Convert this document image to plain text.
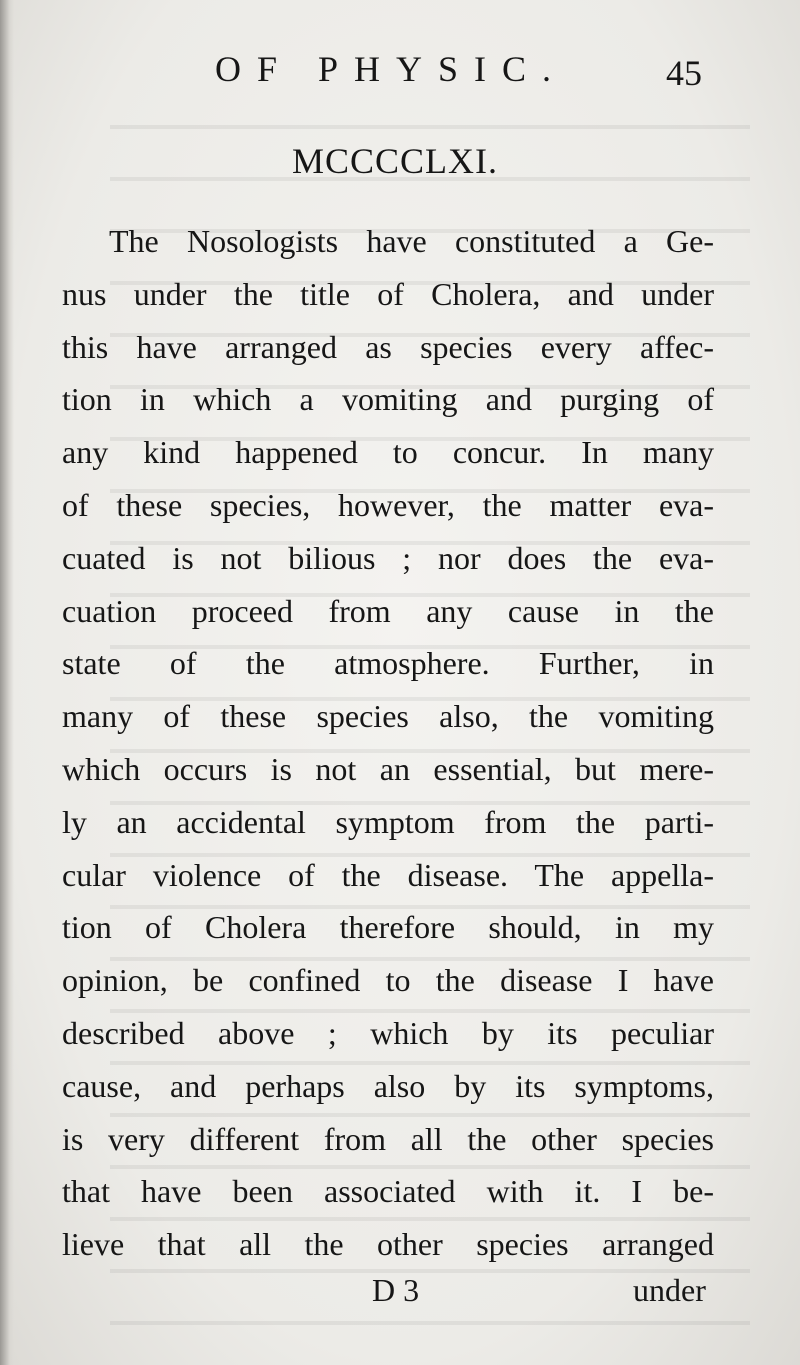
OF PHYSIC.	45
MCCCCLXI.
The Nosologists have constituted a Ge-
nus under the title of Cholera, and under
this have arranged as species every affec-
tion in which a vomiting and purging of
any kind happened to concur. In many
of these species, however, the matter eva-
cuated is not bilious ; nor does the eva-
cuation proceed from any cause in the
state of the atmosphere. Further, in
many of these species also, the vomiting
which occurs is not an essential, but mere-
ly an accidental symptom from the parti-
cular violence of the disease. The appella-
tion of Cholera therefore should, in my
opinion, be confined to the disease I have
described above ; which by its peculiar
cause, and perhaps also by its symptoms,
is very different from all the other species
that have been associated with it. I be-
lieve that all the other species arranged
D 3	under
